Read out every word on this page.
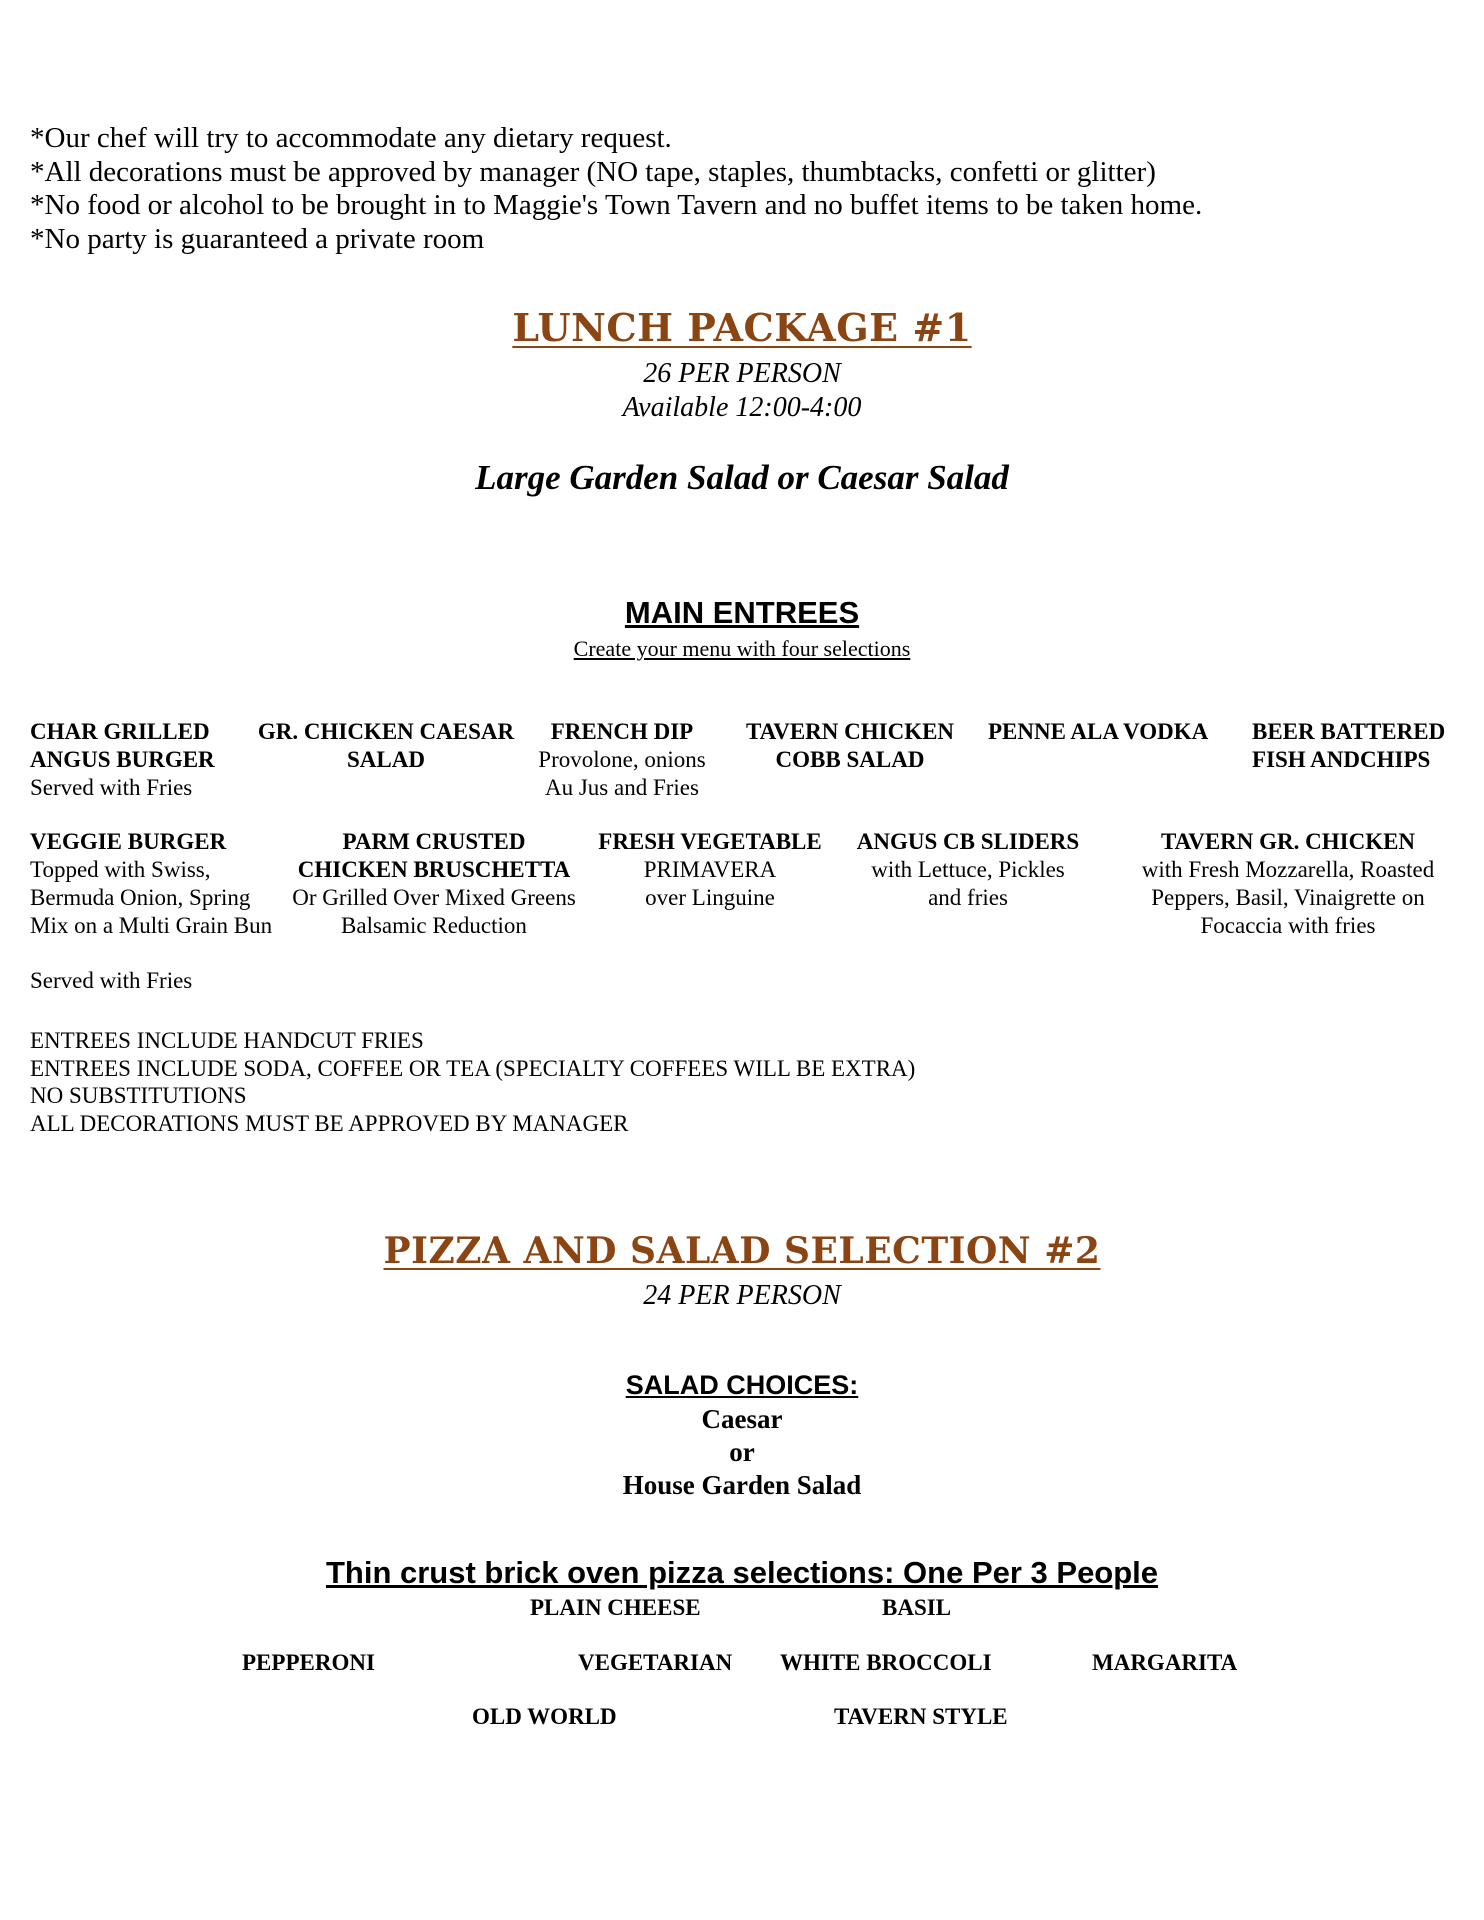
*Our chef will try to accommodate any dietary request.
*All decorations must be approved by manager (NO tape, staples, thumbtacks, confetti or glitter)
*No food or alcohol to be brought in to Maggie's Town Tavern and no buffet items to be taken home.
*No party is guaranteed a private room
LUNCH PACKAGE #1
26 PER PERSON
Available 12:00-4:00
Large Garden Salad or Caesar Salad
MAIN ENTREES
Create your menu with four selections
CHAR GRILLED
ANGUS BURGER
Served with Fries
GR. CHICKEN CAESAR
SALAD
FRENCH DIP
Provolone, onions
Au Jus and Fries
TAVERN CHICKEN
COBB SALAD
PENNE ALA VODKA BEER BATTERED
FISH ANDCHIPS
VEGGIE BURGER
Topped with Swiss,
Bermuda Onion, Spring
Mix on a Multi Grain Bun
PARM CRUSTED
CHICKEN BRUSCHETTA
Or Grilled Over Mixed Greens
Balsamic Reduction
FRESH VEGETABLE
PRIMAVERA
over Linguine
ANGUS CB SLIDERS
with Lettuce, Pickles
and fries
TAVERN GR. CHICKEN
with Fresh Mozzarella, Roasted
Peppers, Basil, Vinaigrette on
Focaccia with fries
Served with Fries
ENTREES INCLUDE HANDCUT FRIES
ENTREES INCLUDE SODA, COFFEE OR TEA (SPECIALTY COFFEES WILL BE EXTRA)
NO SUBSTITUTIONS
ALL DECORATIONS MUST BE APPROVED BY MANAGER
PIZZA AND SALAD SELECTION #2
24 PER PERSON
SALAD CHOICES:
Caesar
or
House Garden Salad
Thin crust brick oven pizza selections: One Per 3 People
PLAIN CHEESE	BASIL
PEPPERONI	VEGETARIAN WHITE BROCCOLI	MARGARITA
OLD WORLD	TAVERN STYLE
